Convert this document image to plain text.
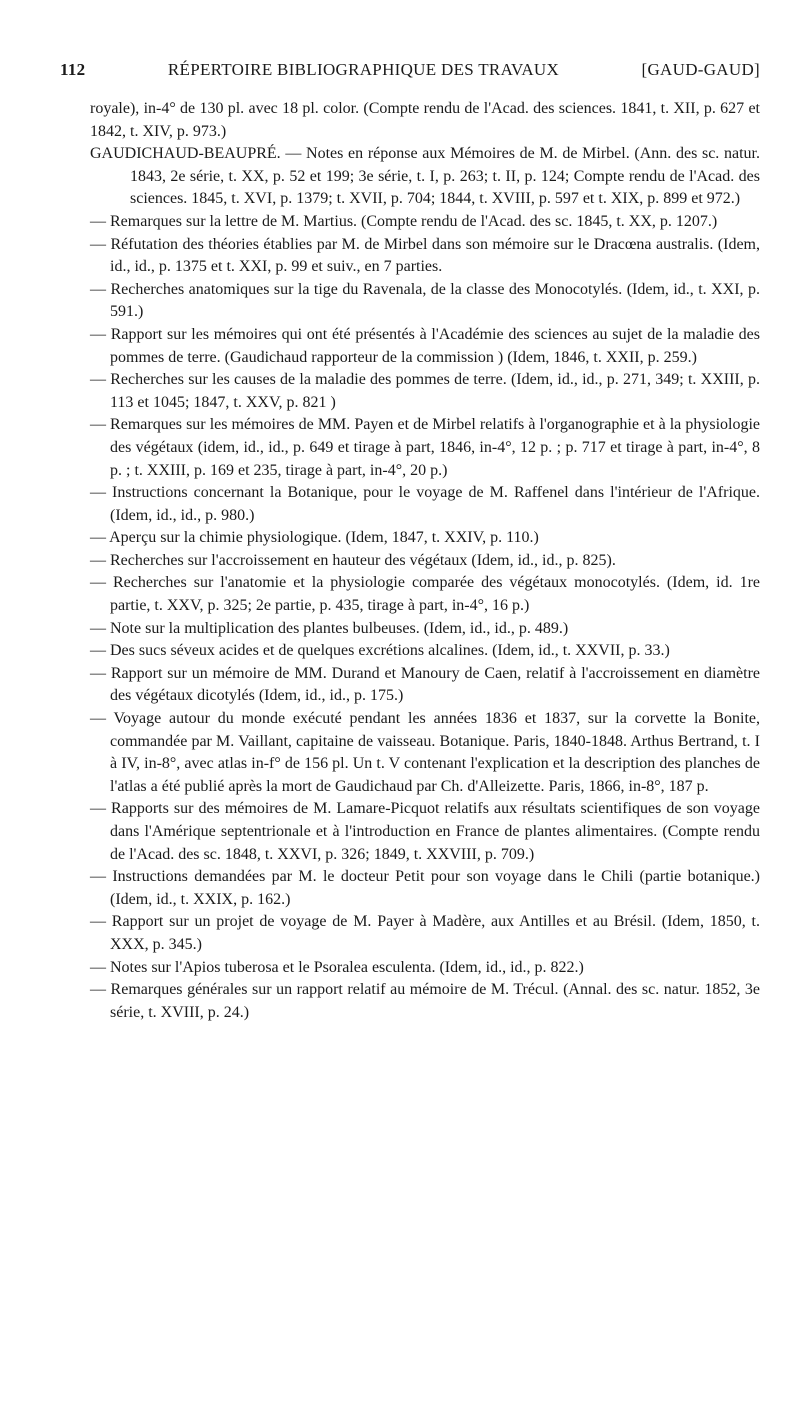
112	RÉPERTOIRE BIBLIOGRAPHIQUE DES TRAVAUX	[GAUD-GAUD]

royale), in-4° de 130 pl. avec 18 pl. color. (Compte rendu de l'Acad. des sciences. 1841, t. XII, p. 627 et 1842, t. XIV, p. 973.)

GAUDICHAUD-BEAUPRÉ. — Notes en réponse aux Mémoires de M. de Mirbel. (Ann. des sc. natur. 1843, 2e série, t. XX, p. 52 et 199; 3e série, t. I, p. 263; t. II, p. 124; Compte rendu de l'Acad. des sciences. 1845, t. XVI, p. 1379; t. XVII, p. 704; 1844, t. XVIII, p. 597 et t. XIX, p. 899 et 972.)

— Remarques sur la lettre de M. Martius. (Compte rendu de l'Acad. des sc. 1845, t. XX, p. 1207.)

— Réfutation des théories établies par M. de Mirbel dans son mémoire sur le Dracœna australis. (Idem, id., id., p. 1375 et t. XXI, p. 99 et suiv., en 7 parties.

— Recherches anatomiques sur la tige du Ravenala, de la classe des Monocotylés. (Idem, id., t. XXI, p. 591.)

— Rapport sur les mémoires qui ont été présentés à l'Académie des sciences au sujet de la maladie des pommes de terre. (Gaudichaud rapporteur de la commission ) (Idem, 1846, t. XXII, p. 259.)

— Recherches sur les causes de la maladie des pommes de terre. (Idem, id., id., p. 271, 349; t. XXIII, p. 113 et 1045; 1847, t. XXV, p. 821 )

— Remarques sur les mémoires de MM. Payen et de Mirbel relatifs à l'organographie et à la physiologie des végétaux (idem, id., id., p. 649 et tirage à part, 1846, in-4°, 12 p. ; p. 717 et tirage à part, in-4°, 8 p. ; t. XXIII, p. 169 et 235, tirage à part, in-4°, 20 p.)

— Instructions concernant la Botanique, pour le voyage de M. Raffenel dans l'intérieur de l'Afrique. (Idem, id., id., p. 980.)

— Aperçu sur la chimie physiologique. (Idem, 1847, t. XXIV, p. 110.)

— Recherches sur l'accroissement en hauteur des végétaux (Idem, id., id., p. 825).

— Recherches sur l'anatomie et la physiologie comparée des végétaux monocotylés. (Idem, id. 1re partie, t. XXV, p. 325; 2e partie, p. 435, tirage à part, in-4°, 16 p.)

— Note sur la multiplication des plantes bulbeuses. (Idem, id., id., p. 489.)

— Des sucs séveux acides et de quelques excrétions alcalines. (Idem, id., t. XXVII, p. 33.)

— Rapport sur un mémoire de MM. Durand et Manoury de Caen, relatif à l'accroissement en diamètre des végétaux dicotylés (Idem, id., id., p. 175.)

— Voyage autour du monde exécuté pendant les années 1836 et 1837, sur la corvette la Bonite, commandée par M. Vaillant, capitaine de vaisseau. Botanique. Paris, 1840-1848. Arthus Bertrand, t. I à IV, in-8°, avec atlas in-f° de 156 pl. Un t. V contenant l'explication et la description des planches de l'atlas a été publié après la mort de Gaudichaud par Ch. d'Alleizette. Paris, 1866, in-8°, 187 p.

— Rapports sur des mémoires de M. Lamare-Picquot relatifs aux résultats scientifiques de son voyage dans l'Amérique septentrionale et à l'introduction en France de plantes alimentaires. (Compte rendu de l'Acad. des sc. 1848, t. XXVI, p. 326; 1849, t. XXVIII, p. 709.)

— Instructions demandées par M. le docteur Petit pour son voyage dans le Chili (partie botanique.) (Idem, id., t. XXIX, p. 162.)

— Rapport sur un projet de voyage de M. Payer à Madère, aux Antilles et au Brésil. (Idem, 1850, t. XXX, p. 345.)

— Notes sur l'Apios tuberosa et le Psoralea esculenta. (Idem, id., id., p. 822.)

— Remarques générales sur un rapport relatif au mémoire de M. Trécul. (Annal. des sc. natur. 1852, 3e série, t. XVIII, p. 24.)
